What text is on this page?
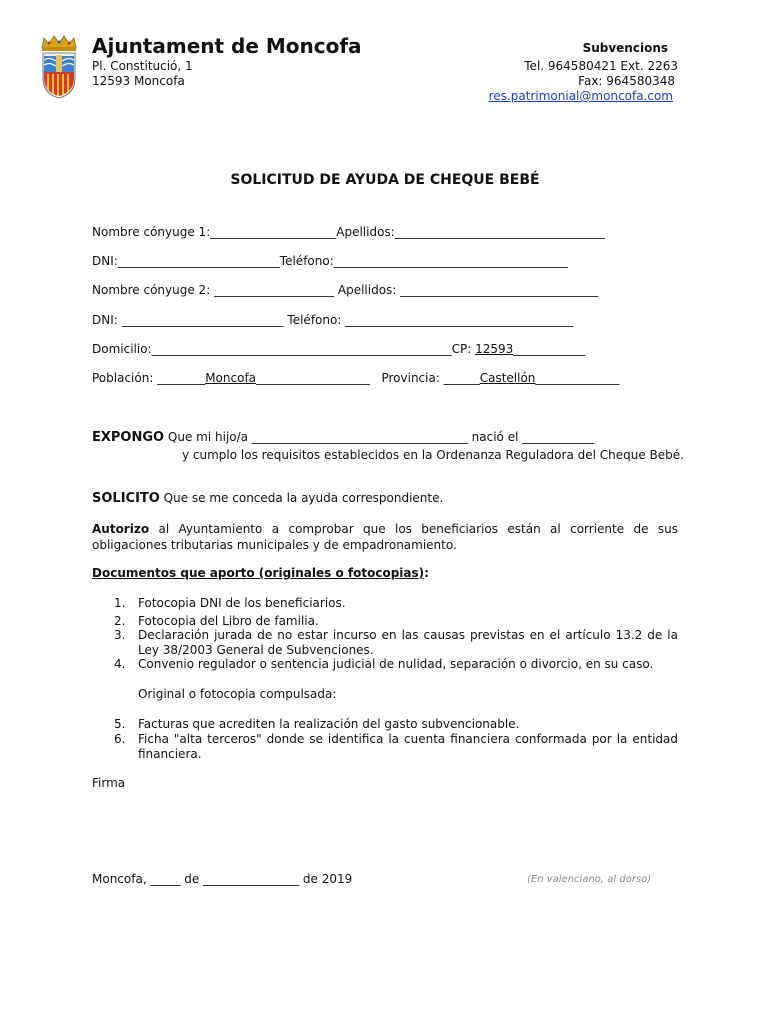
Ajuntament de Moncofa
Pl. Constitució, 1
12593 Moncofa
Subvencions
Tel. 964580421 Ext. 2263
Fax: 964580348
res.patrimonial@moncofa.com
SOLICITUD DE AYUDA DE CHEQUE BEBÉ
Nombre cónyuge 1:_____________________Apellidos:___________________________________
DNI:___________________________Teléfono:_______________________________________
Nombre cónyuge 2: ____________________ Apellidos: _________________________________
DNI: ___________________________ Teléfono: ______________________________________
Domicilio:__________________________________________________CP: 12593____________
Población: ________Moncofa___________________   Provincia: ______Castellón______________
EXPONGO Que mi hijo/a ____________________________________ nació el ____________
y cumplo los requisitos establecidos en la Ordenanza Reguladora del Cheque Bebé.
SOLICITO Que se me conceda la ayuda correspondiente.
Autorizo al Ayuntamiento a comprobar que los beneficiarios están al corriente de sus obligaciones tributarias municipales y de empadronamiento.
Documentos que aporto (originales o fotocopias):
1. Fotocopia DNI de los beneficiarios.
2. Fotocopia del Libro de familia.
3. Declaración jurada de no estar incurso en las causas previstas en el artículo 13.2 de la Ley 38/2003 General de Subvenciones.
4. Convenio regulador o sentencia judicial de nulidad, separación o divorcio, en su caso.
Original o fotocopia compulsada:
5. Facturas que acrediten la realización del gasto subvencionable.
6. Ficha "alta terceros" donde se identifica la cuenta financiera conformada por la entidad financiera.
Firma
Moncofa, _____ de ________________ de 2019	(En valenciano, al dorso)
